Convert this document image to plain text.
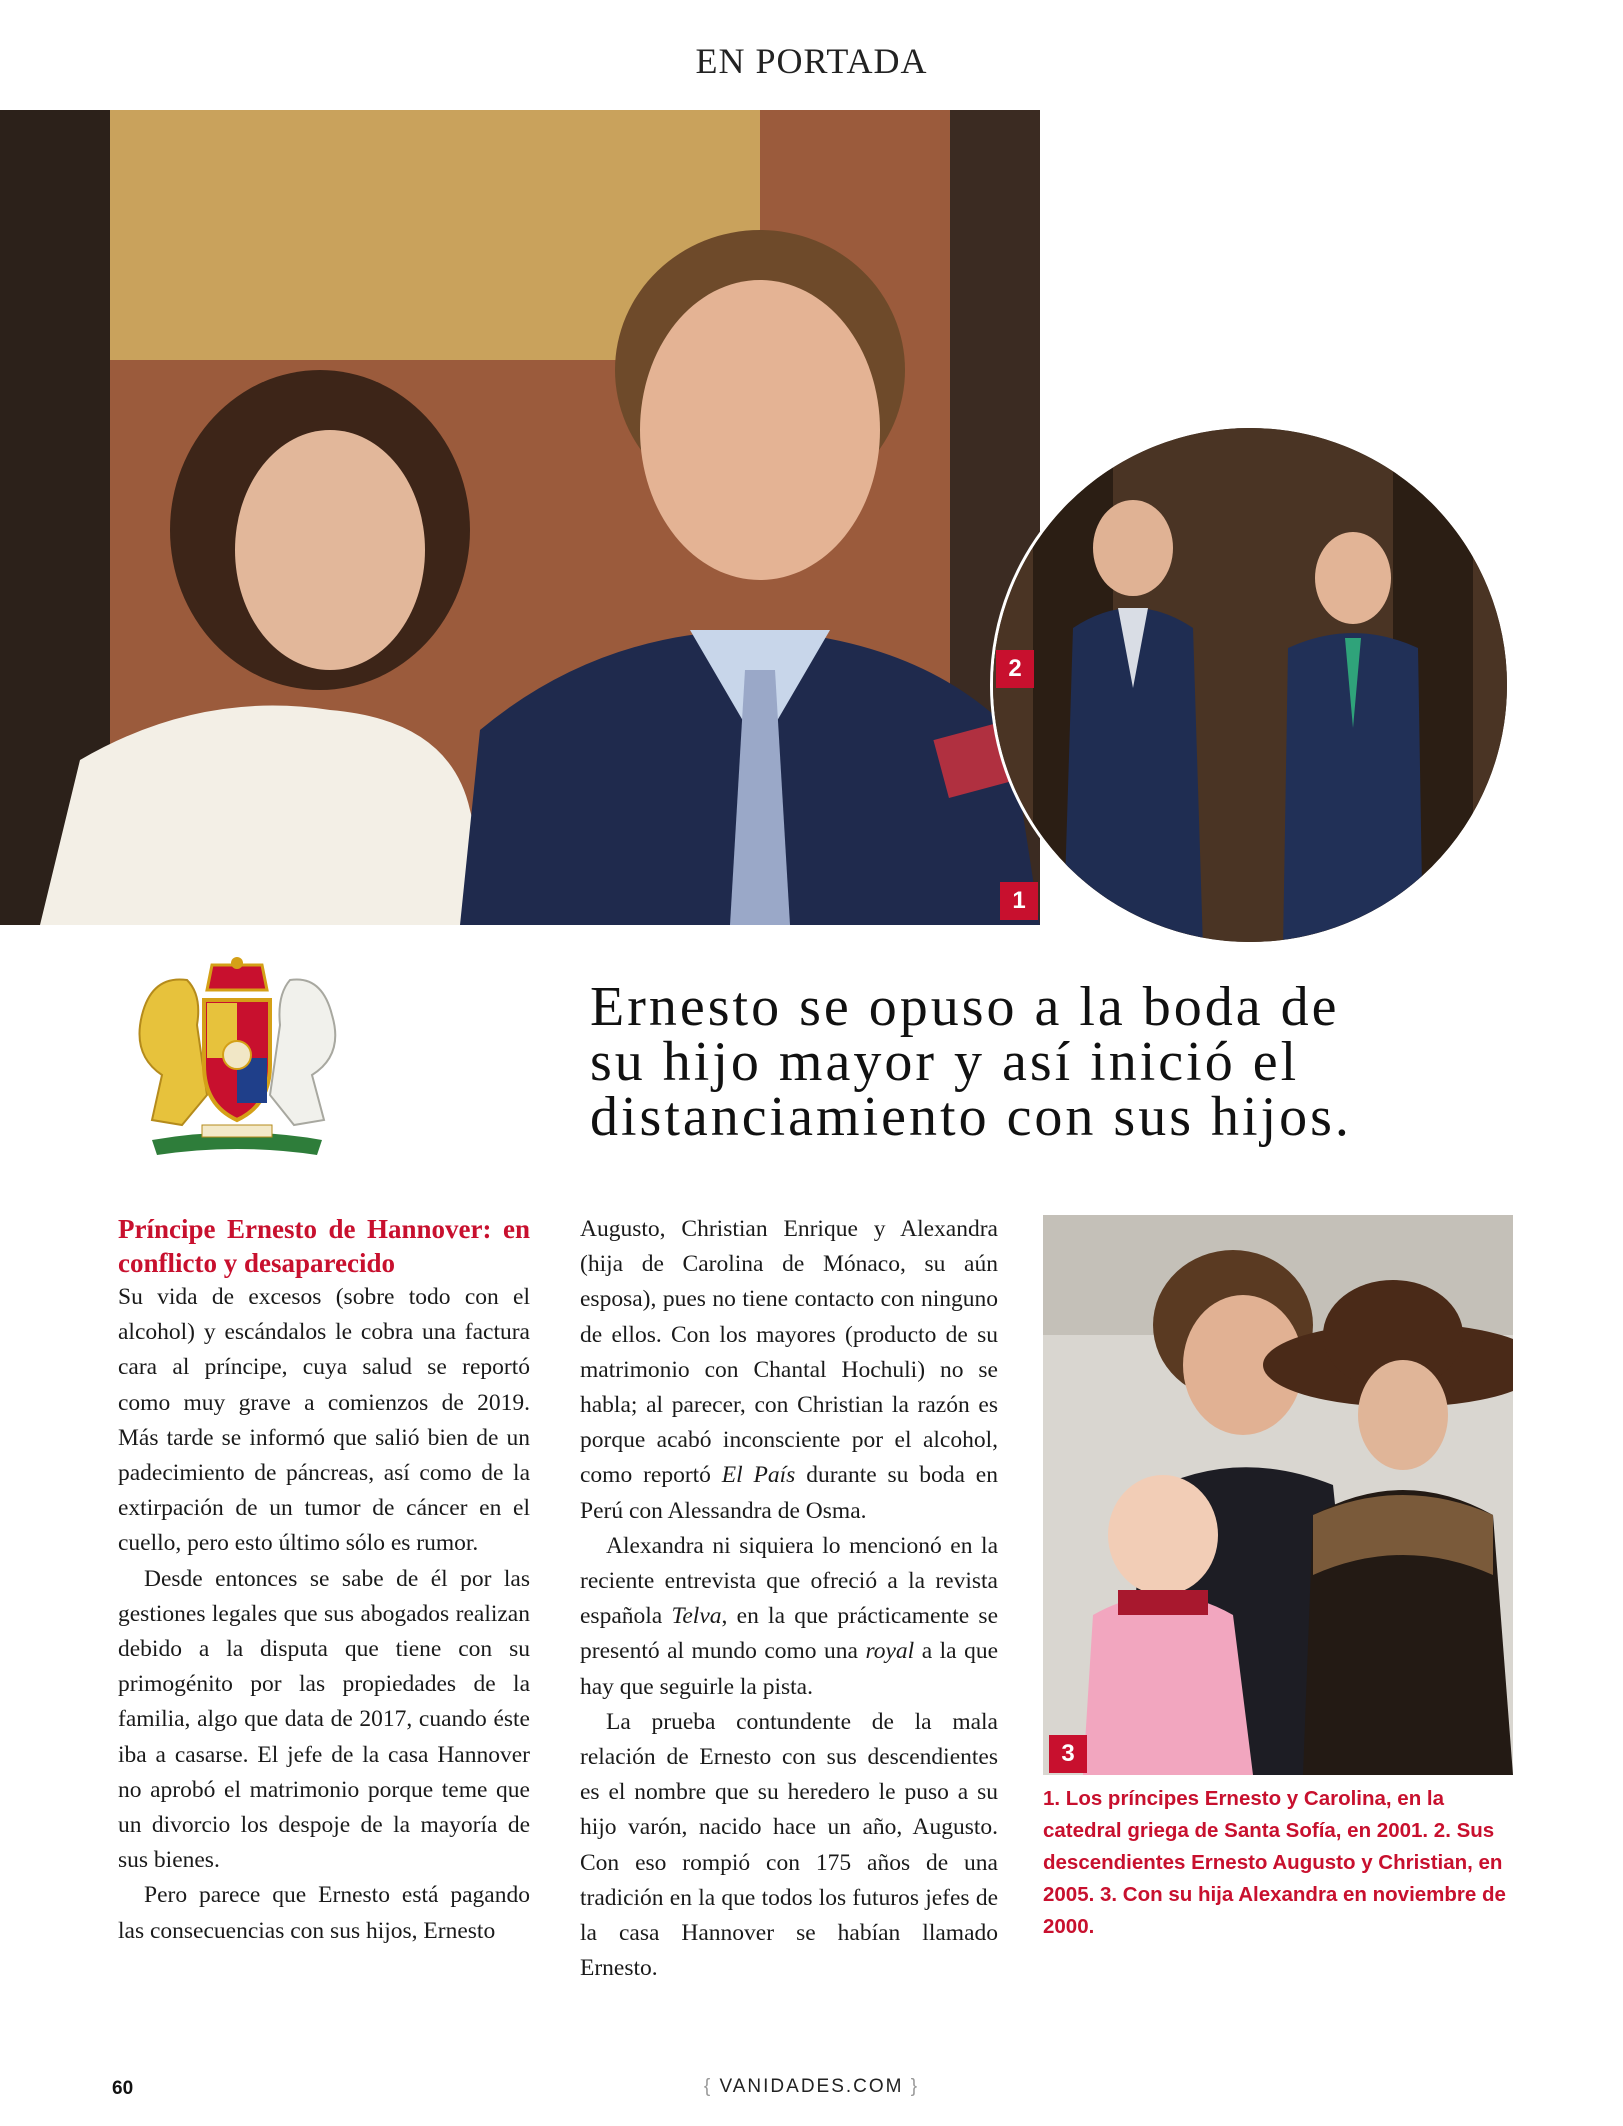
EN PORTADA
1
2
Ernesto se opuso a la boda de su hijo mayor y así inició el distanciamiento con sus hijos.
Príncipe Ernesto de Hannover: en conflicto y desaparecido

Su vida de excesos (sobre todo con el alcohol) y escándalos le cobra una factura cara al príncipe, cuya salud se reportó como muy grave a comienzos de 2019. Más tarde se informó que salió bien de un padecimiento de páncreas, así como de la extirpación de un tumor de cáncer en el cuello, pero esto último sólo es rumor.

Desde entonces se sabe de él por las gestiones legales que sus abogados realizan debido a la disputa que tiene con su primogénito por las propiedades de la familia, algo que data de 2017, cuando éste iba a casarse. El jefe de la casa Hannover no aprobó el matrimonio porque teme que un divorcio los despoje de la mayoría de sus bienes.

Pero parece que Ernesto está pagando las consecuencias con sus hijos, Ernesto

Augusto, Christian Enrique y Alexandra (hija de Carolina de Mónaco, su aún esposa), pues no tiene contacto con ninguno de ellos. Con los mayores (producto de su matrimonio con Chantal Hochuli) no se habla; al parecer, con Christian la razón es porque acabó inconsciente por el alcohol, como reportó El País durante su boda en Perú con Alessandra de Osma.

Alexandra ni siquiera lo mencionó en la reciente entrevista que ofreció a la revista española Telva, en la que prácticamente se presentó al mundo como una royal a la que hay que seguirle la pista.

La prueba contundente de la mala relación de Ernesto con sus descendientes es el nombre que su heredero le puso a su hijo varón, nacido hace un año, Augusto. Con eso rompió con 175 años de una tradición en la que todos los futuros jefes de la casa Hannover se habían llamado Ernesto.

3
1. Los príncipes Ernesto y Carolina, en la catedral griega de Santa Sofía, en 2001. 2. Sus descendientes Ernesto Augusto y Christian, en 2005. 3. Con su hija Alexandra en noviembre de 2000.
60	{ VANIDADES.COM }
